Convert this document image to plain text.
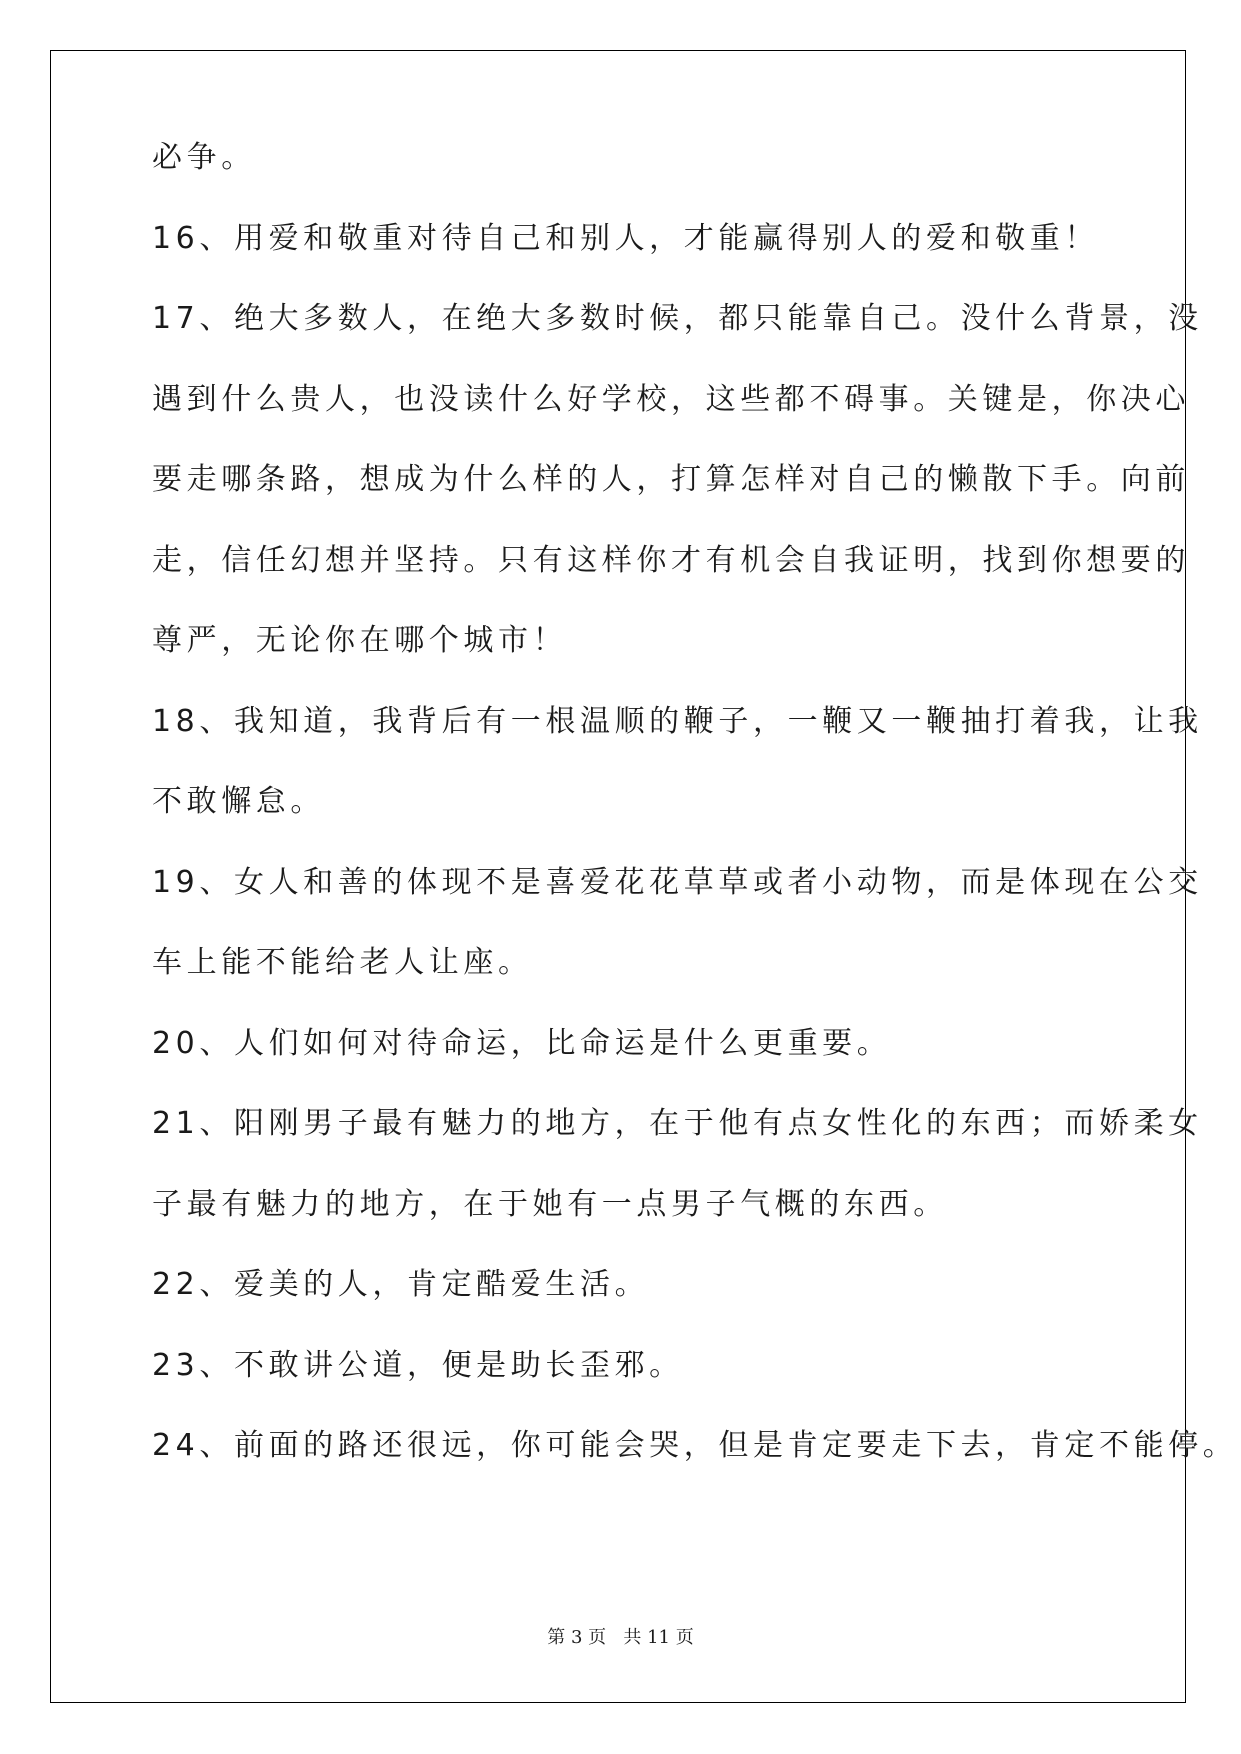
必争。
16、用爱和敬重对待自己和别人，才能赢得别人的爱和敬重！
17、绝大多数人，在绝大多数时候，都只能靠自己。没什么背景，没
遇到什么贵人，也没读什么好学校，这些都不碍事。关键是，你决心
要走哪条路，想成为什么样的人，打算怎样对自己的懒散下手。向前
走，信任幻想并坚持。只有这样你才有机会自我证明，找到你想要的
尊严，无论你在哪个城市！
18、我知道，我背后有一根温顺的鞭子，一鞭又一鞭抽打着我，让我
不敢懈怠。
19、女人和善的体现不是喜爱花花草草或者小动物，而是体现在公交
车上能不能给老人让座。
20、人们如何对待命运，比命运是什么更重要。
21、阳刚男子最有魅力的地方，在于他有点女性化的东西；而娇柔女
子最有魅力的地方，在于她有一点男子气概的东西。
22、爱美的人，肯定酷爱生活。
23、不敢讲公道，便是助长歪邪。
24、前面的路还很远，你可能会哭，但是肯定要走下去，肯定不能停。
第 3 页 共 11 页
